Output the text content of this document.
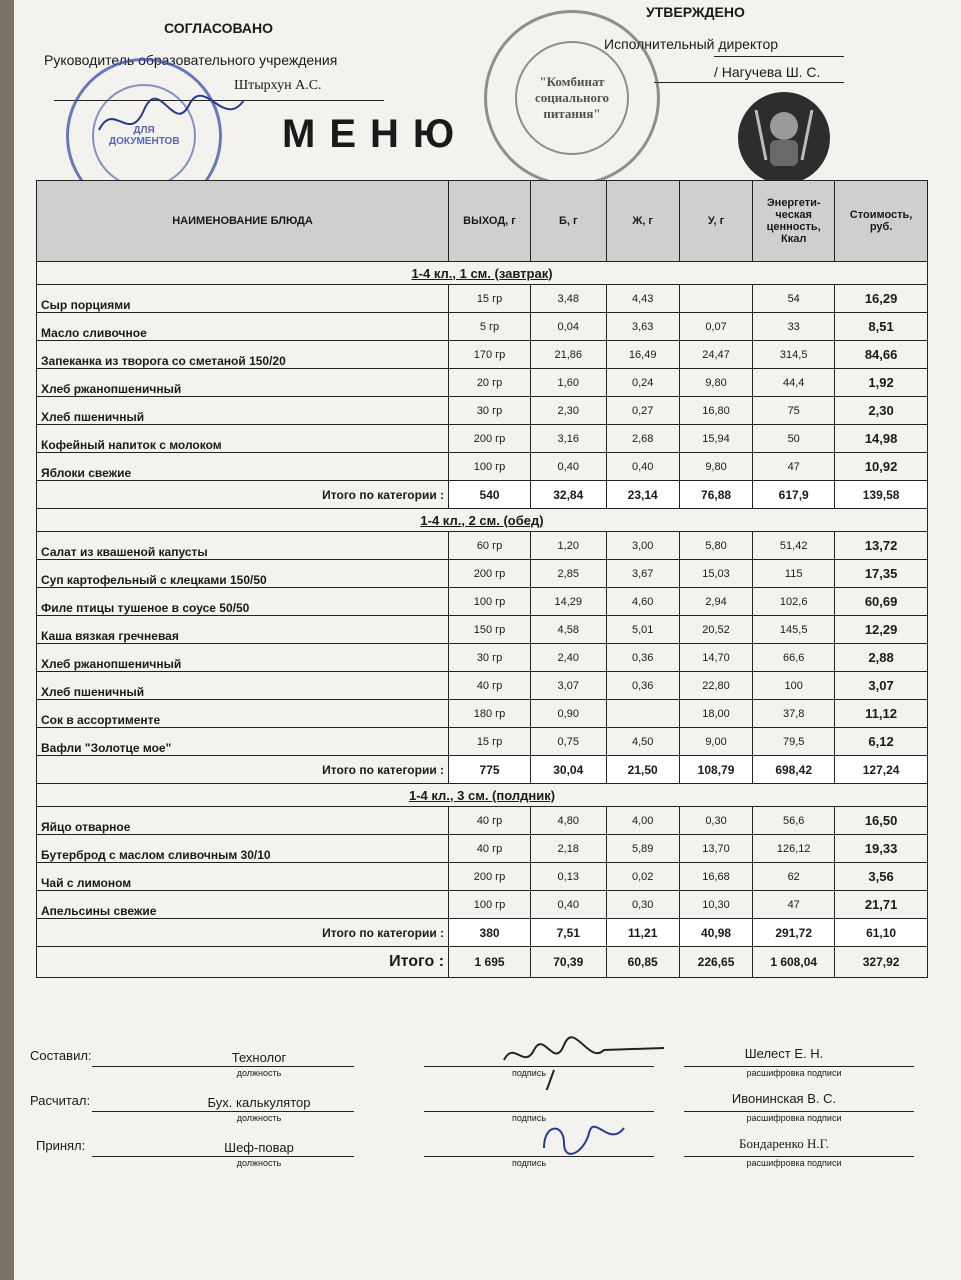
СОГЛАСОВАНО
Руководитель образовательного учреждения
Штырхун А.С.
ДЛЯ ДОКУМЕНТОВ	МЕНЮ
УТВЕРЖДЕНО
Исполнительный директор
/ Нагучева Ш. С.
"Комбинат социального питания"
НАИМЕНОВАНИЕ БЛЮДА	ВЫХОД, г	Б, г	Ж, г	У, г	Энергети-ческая ценность, Ккал	Стоимость, руб.
1-4 кл., 1 см. (завтрак)						
Сыр порциями	15 гр	3,48	4,43		54	16,29
Масло сливочное	5 гр	0,04	3,63	0,07	33	8,51
Запеканка из творога со сметаной 150/20	170 гр	21,86	16,49	24,47	314,5	84,66
Хлеб ржанопшеничный	20 гр	1,60	0,24	9,80	44,4	1,92
Хлеб пшеничный	30 гр	2,30	0,27	16,80	75	2,30
Кофейный напиток с молоком	200 гр	3,16	2,68	15,94	50	14,98
Яблоки свежие	100 гр	0,40	0,40	9,80	47	10,92
Итого по категории :	540	32,84	23,14	76,88	617,9	139,58
1-4 кл., 2 см. (обед)						
Салат из квашеной капусты	60 гр	1,20	3,00	5,80	51,42	13,72
Суп картофельный с клецками 150/50	200 гр	2,85	3,67	15,03	115	17,35
Филе птицы тушеное в соусе 50/50	100 гр	14,29	4,60	2,94	102,6	60,69
Каша вязкая гречневая	150 гр	4,58	5,01	20,52	145,5	12,29
Хлеб ржанопшеничный	30 гр	2,40	0,36	14,70	66,6	2,88
Хлеб пшеничный	40 гр	3,07	0,36	22,80	100	3,07
Сок в ассортименте	180 гр	0,90		18,00	37,8	11,12
Вафли "Золотце мое"	15 гр	0,75	4,50	9,00	79,5	6,12
Итого по категории :	775	30,04	21,50	108,79	698,42	127,24
1-4 кл., 3 см. (полдник)						
Яйцо отварное	40 гр	4,80	4,00	0,30	56,6	16,50
Бутерброд с маслом сливочным 30/10	40 гр	2,18	5,89	13,70	126,12	19,33
Чай с лимоном	200 гр	0,13	0,02	16,68	62	3,56
Апельсины свежие	100 гр	0,40	0,30	10,30	47	21,71
Итого по категории :	380	7,51	11,21	40,98	291,72	61,10
Итого :	1 695	70,39	60,85	226,65	1 608,04	327,92
Составил:	Технолог
должность	подпись
Шелест Е. Н.
расшифровка подписи
Расчитал:	Бух. калькулятор
должность	подпись
Ивонинская В. С.
расшифровка подписи
Принял:	Шеф-повар
должность	подпись
Бондаренко Н.Г.
расшифровка подписи
